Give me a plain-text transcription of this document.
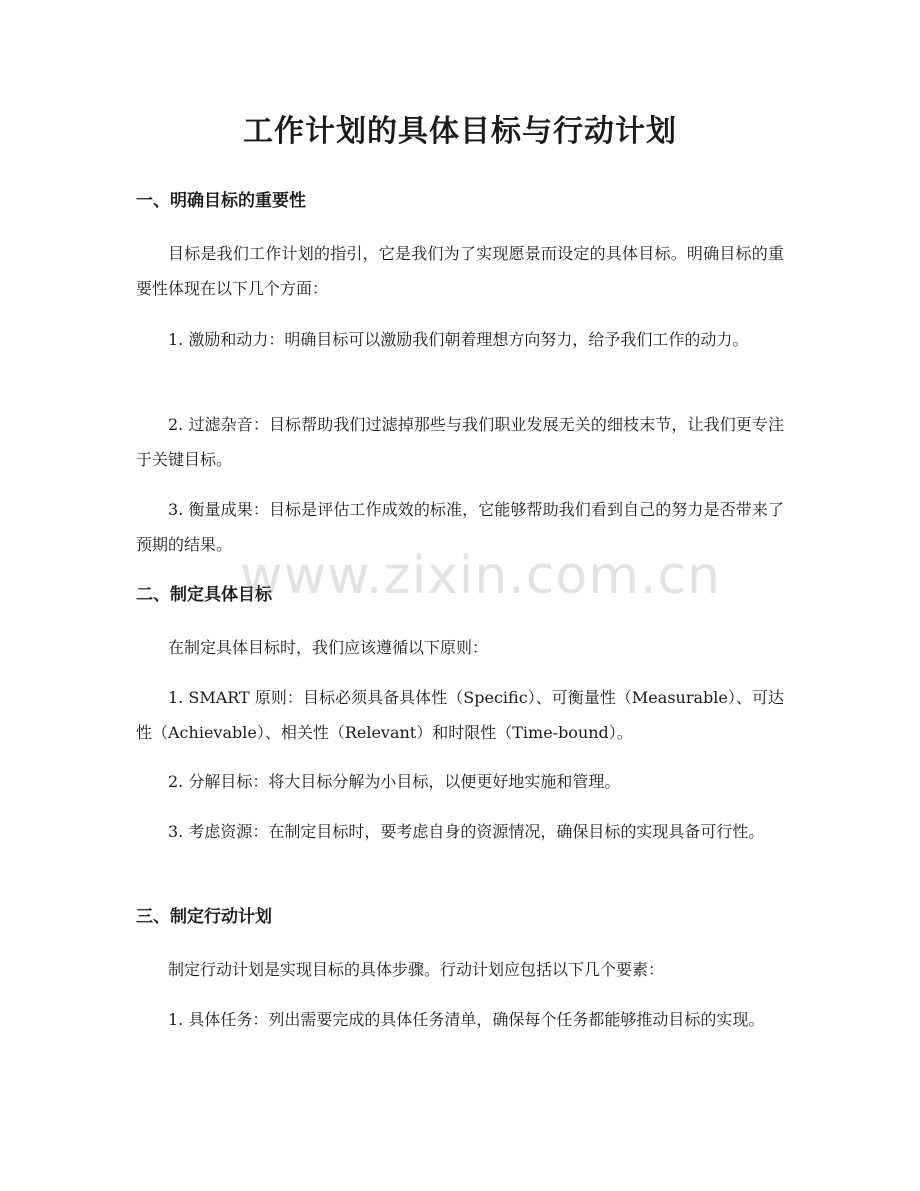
工作计划的具体目标与行动计划
一、明确目标的重要性

目标是我们工作计划的指引，它是我们为了实现愿景而设定的具体目标。明确目标的重要性体现在以下几个方面：

1. 激励和动力：明确目标可以激励我们朝着理想方向努力，给予我们工作的动力。

2. 过滤杂音：目标帮助我们过滤掉那些与我们职业发展无关的细枝末节，让我们更专注于关键目标。

3. 衡量成果：目标是评估工作成效的标准，它能够帮助我们看到自己的努力是否带来了预期的结果。

二、制定具体目标

在制定具体目标时，我们应该遵循以下原则：

1. SMART 原则：目标必须具备具体性（Specific）、可衡量性（Measurable）、可达性（Achievable）、相关性（Relevant）和时限性（Time-bound）。

2. 分解目标：将大目标分解为小目标，以便更好地实施和管理。

3. 考虑资源：在制定目标时，要考虑自身的资源情况，确保目标的实现具备可行性。

三、制定行动计划

制定行动计划是实现目标的具体步骤。行动计划应包括以下几个要素：

1. 具体任务：列出需要完成的具体任务清单，确保每个任务都能够推动目标的实现。

www.zixin.com.cn
